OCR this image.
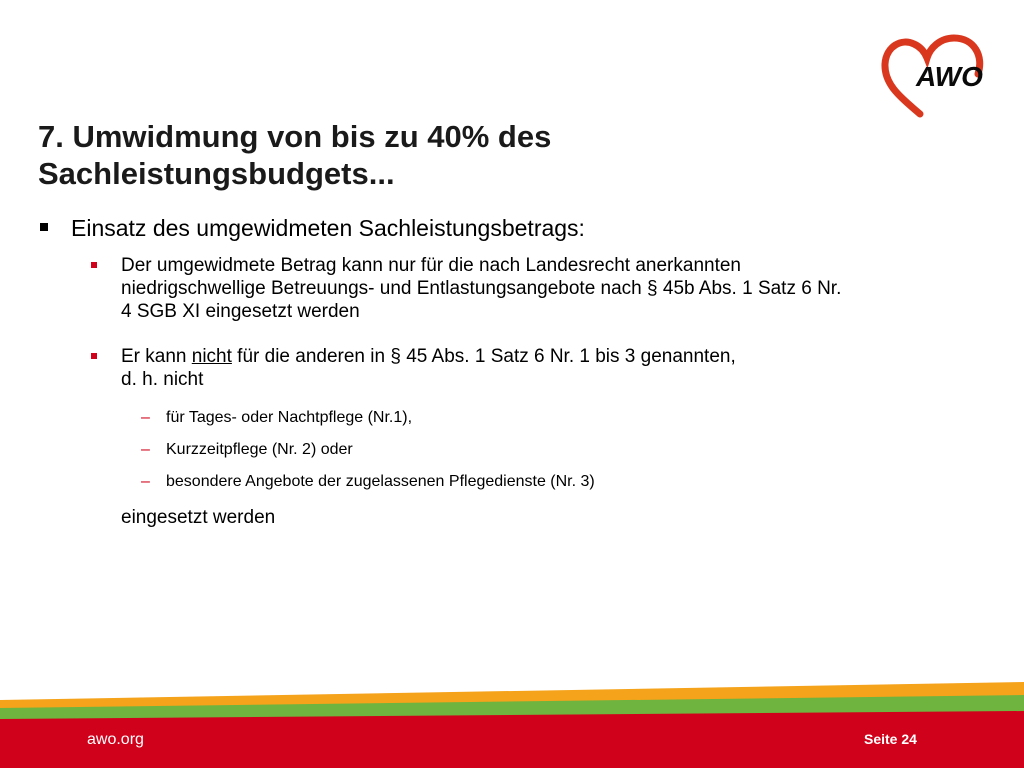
AWO
7. Umwidmung von bis zu 40% des
Sachleistungsbudgets...
Einsatz des umgewidmeten Sachleistungsbetrags:
Der umgewidmete Betrag kann nur für die nach Landesrecht anerkannten
niedrigschwellige Betreuungs- und Entlastungsangebote nach § 45b Abs. 1 Satz 6 Nr.
4 SGB XI eingesetzt werden
Er kann nicht für die anderen in § 45 Abs. 1 Satz 6 Nr. 1 bis 3 genannten,
d. h. nicht
– für Tages- oder Nachtpflege (Nr.1),
– Kurzzeitpflege (Nr. 2) oder
– besondere Angebote der zugelassenen Pflegedienste (Nr. 3)
eingesetzt werden
awo.org	Seite 24
